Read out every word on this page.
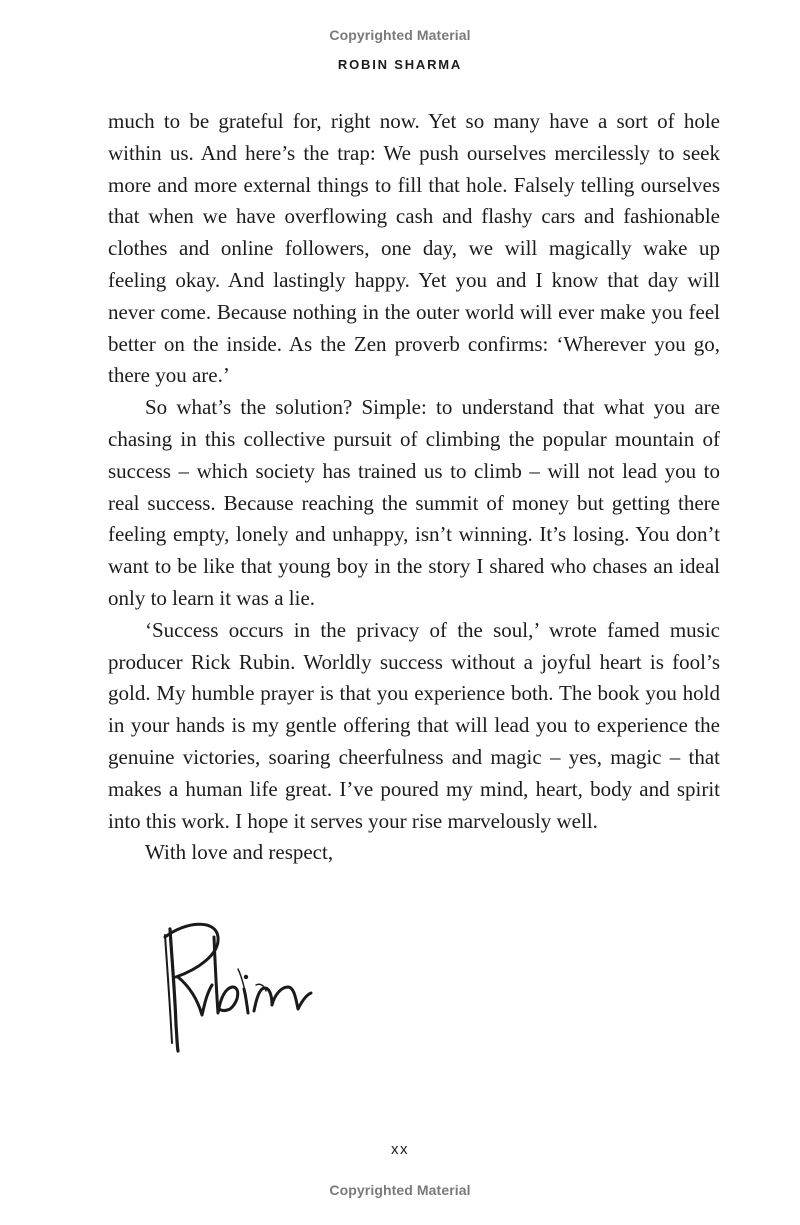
Copyrighted Material
ROBIN SHARMA

much to be grateful for, right now. Yet so many have a sort of hole within us. And here’s the trap: We push ourselves mercilessly to seek more and more external things to fill that hole. Falsely telling ourselves that when we have overflowing cash and flashy cars and fashionable clothes and online followers, one day, we will magically wake up feeling okay. And lastingly happy. Yet you and I know that day will never come. Because nothing in the outer world will ever make you feel better on the inside. As the Zen proverb confirms: ‘Wherever you go, there you are.’

So what’s the solution? Simple: to understand that what you are chasing in this collective pursuit of climbing the popular mountain of success – which society has trained us to climb – will not lead you to real success. Because reaching the summit of money but getting there feeling empty, lonely and unhappy, isn’t winning. It’s losing. You don’t want to be like that young boy in the story I shared who chases an ideal only to learn it was a lie.

‘Success occurs in the privacy of the soul,’ wrote famed music producer Rick Rubin. Worldly success without a joyful heart is fool’s gold. My humble prayer is that you experience both. The book you hold in your hands is my gentle offering that will lead you to experience the genuine victories, soaring cheerfulness and magic – yes, magic – that makes a human life great. I’ve poured my mind, heart, body and spirit into this work. I hope it serves your rise marvelously well.

With love and respect,

xx
Copyrighted Material
